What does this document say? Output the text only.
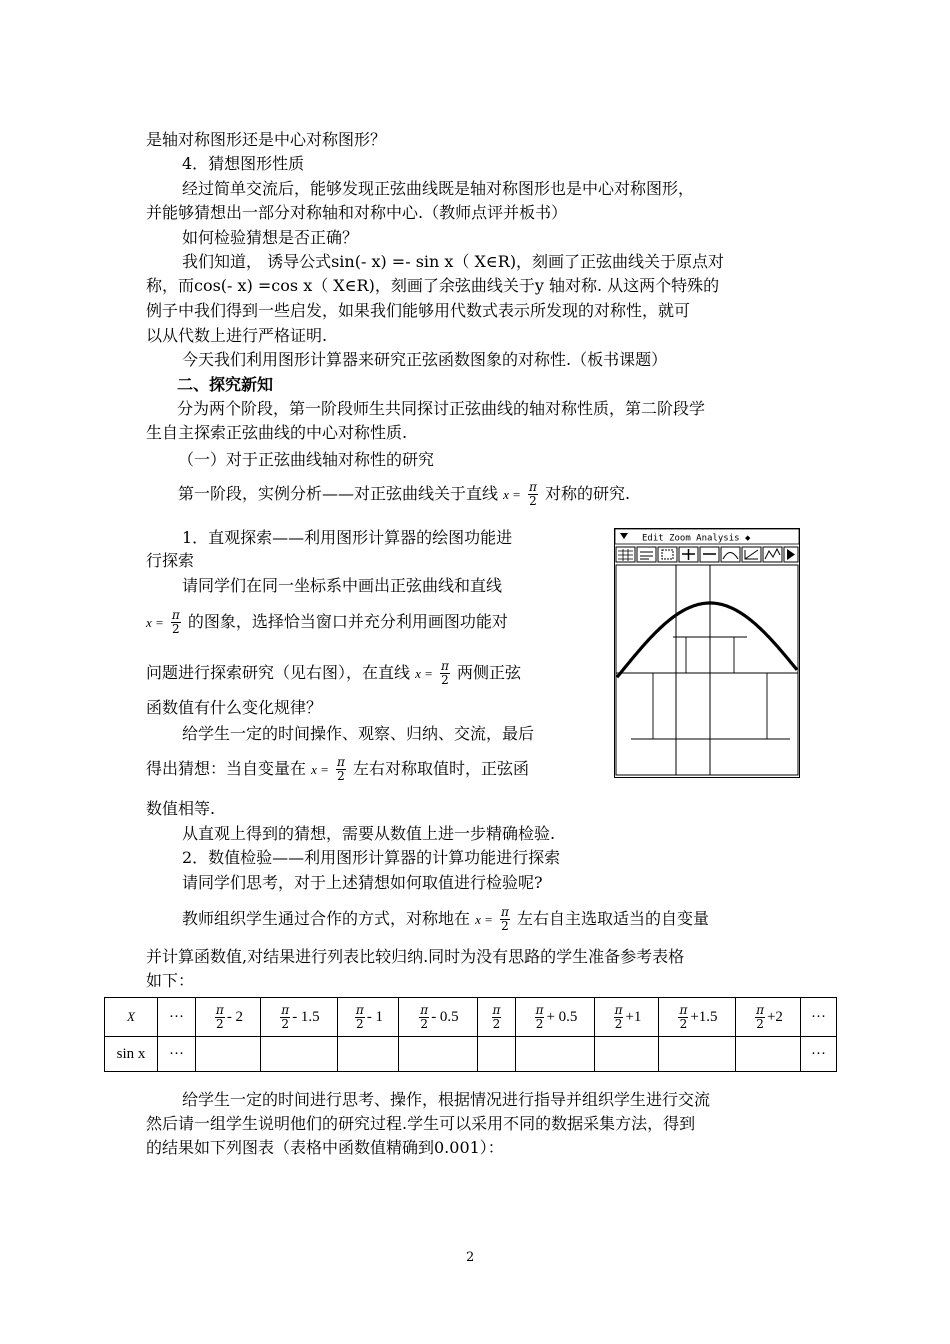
是轴对称图形还是中心对称图形？
4．猜想图形性质
经过简单交流后，能够发现正弦曲线既是轴对称图形也是中心对称图形，
并能够猜想出一部分对称轴和对称中心.（教师点评并板书）
如何检验猜想是否正确？
我们知道， 诱导公式sin(- x) =- sin x（ X∈R)，刻画了正弦曲线关于原点对
称，而cos(- x) =cos x（ X∈R)，刻画了余弦曲线关于y 轴对称. 从这两个特殊的
例子中我们得到一些启发，如果我们能够用代数式表示所发现的对称性，就可
以从代数上进行严格证明.
今天我们利用图形计算器来研究正弦函数图象的对称性.（板书课题）
二、探究新知
分为两个阶段，第一阶段师生共同探讨正弦曲线的轴对称性质，第二阶段学
生自主探索正弦曲线的中心对称性质.
（一）对于正弦曲线轴对称性的研究
第一阶段，实例分析——对正弦曲线关于直线 $x = \frac{\pi}{2}$ 对称的研究.
1．直观探索——利用图形计算器的绘图功能进
行探索
请同学们在同一坐标系中画出正弦曲线和直线
$x = \frac{\pi}{2}$ 的图象，选择恰当窗口并充分利用画图功能对
问题进行探索研究（见右图），在直线 $x = \frac{\pi}{2}$ 两侧正弦
函数值有什么变化规律？
给学生一定的时间操作、观察、归纳、交流，最后
得出猜想：当自变量在 $x = \frac{\pi}{2}$ 左右对称取值时，正弦函
数值相等.
从直观上得到的猜想，需要从数值上进一步精确检验.
2．数值检验——利用图形计算器的计算功能进行探索
请同学们思考，对于上述猜想如何取值进行检验呢?
教师组织学生通过合作的方式，对称地在 $x = \frac{\pi}{2}$ 左右自主选取适当的自变量
并计算函数值,对结果进行列表比较归纳.同时为没有思路的学生准备参考表格
如下：
Edit Zoom Analysis ◆
X	···	$\frac{\pi}{2} - 2$	$\frac{\pi}{2} - 1.5$	$\frac{\pi}{2} - 1$	$\frac{\pi}{2} - 0.5$	$\frac{\pi}{2}$	$\frac{\pi}{2} + 0.5$	$\frac{\pi}{2} +1$	$\frac{\pi}{2} +1.5$	$\frac{\pi}{2} +2$	···
sin x	···										···
给学生一定的时间进行思考、操作，根据情况进行指导并组织学生进行交流
然后请一组学生说明他们的研究过程.学生可以采用不同的数据采集方法，得到
的结果如下列图表（表格中函数值精确到0.001）：
2
